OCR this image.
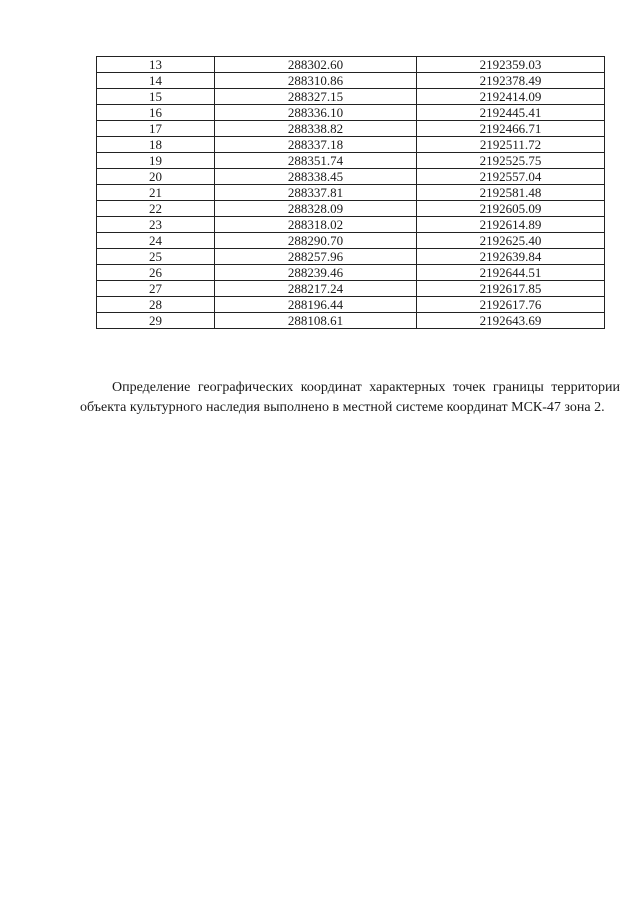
13	288302.60	2192359.03
14	288310.86	2192378.49
15	288327.15	2192414.09
16	288336.10	2192445.41
17	288338.82	2192466.71
18	288337.18	2192511.72
19	288351.74	2192525.75
20	288338.45	2192557.04
21	288337.81	2192581.48
22	288328.09	2192605.09
23	288318.02	2192614.89
24	288290.70	2192625.40
25	288257.96	2192639.84
26	288239.46	2192644.51
27	288217.24	2192617.85
28	288196.44	2192617.76
29	288108.61	2192643.69

Определение географических координат характерных точек границы территории объекта культурного наследия выполнено в местной системе координат МСК-47 зона 2.
